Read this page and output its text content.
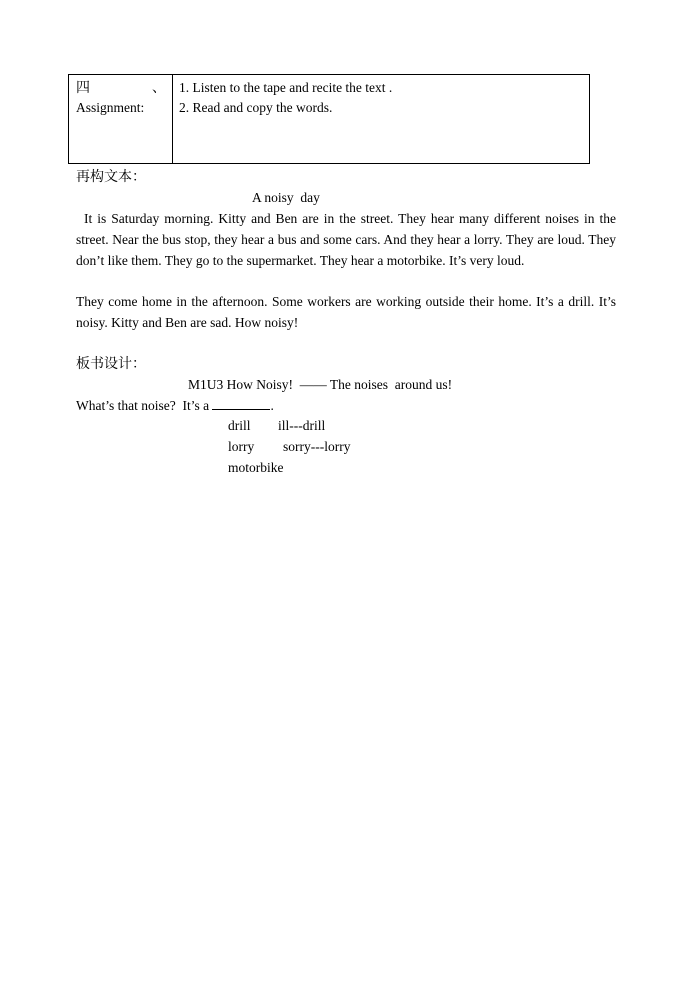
四	、
Assignment:
1. Listen to the tape and recite the text .
2. Read and copy the words.
再构文本：
A noisy  day
It is Saturday morning. Kitty and Ben are in the street. They hear many different noises in the street. Near the bus stop, they hear a bus and some cars. And they hear a lorry. They are loud. They don’t like them. They go to the supermarket. They hear a motorbike. It’s very loud.
They come home in the afternoon. Some workers are working outside their home. It’s a drill. It’s noisy. Kitty and Ben are sad. How noisy!
板书设计：
M1U3 How Noisy!  —— The noises  around us!
What’s that noise?  It’s a	.
drill ill---drill
lorry sorry---lorry
motorbike
